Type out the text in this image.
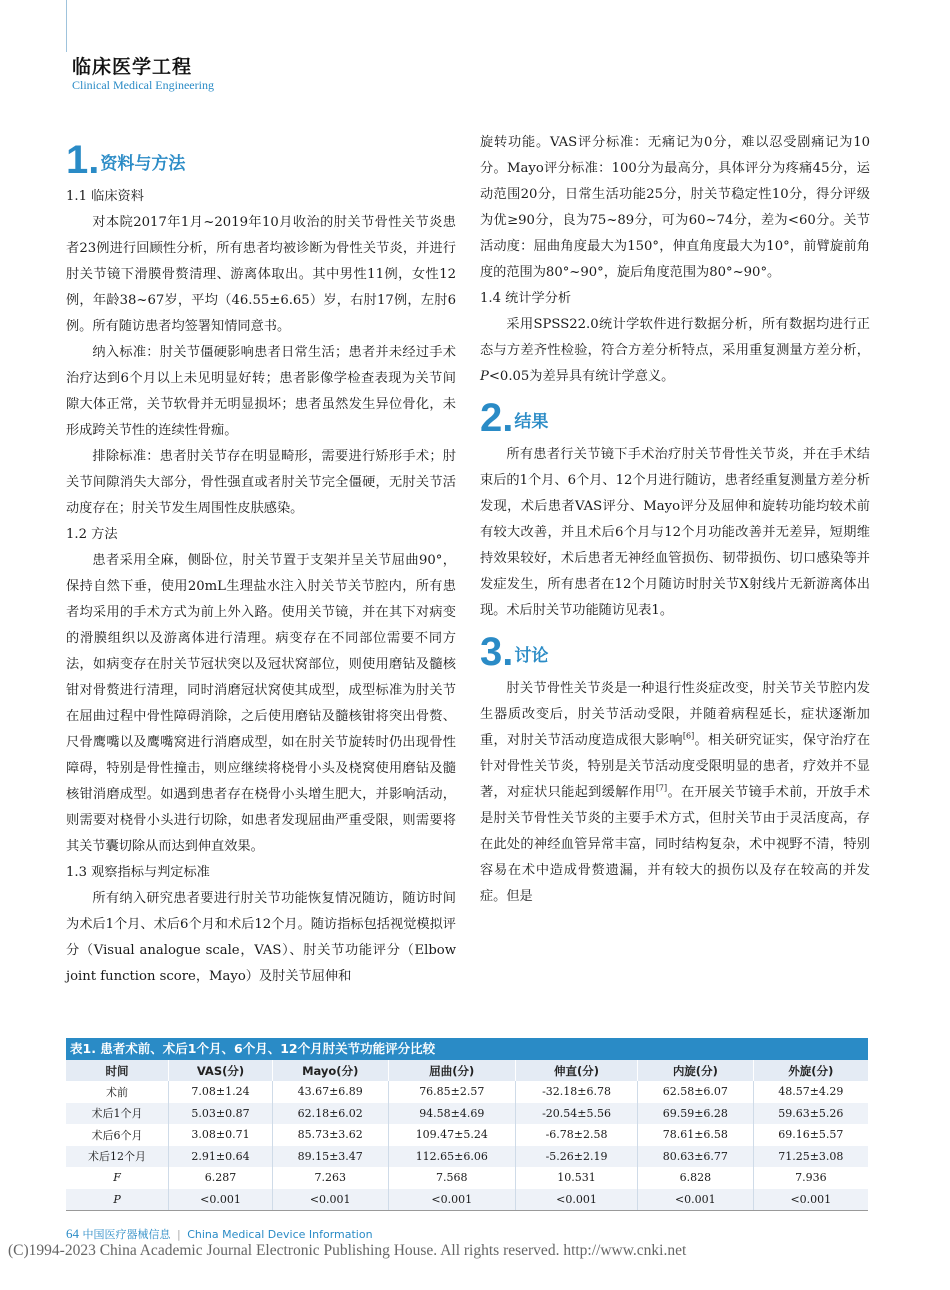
临床医学工程
Clinical Medical Engineering
1. 资料与方法
1.1 临床资料

对本院2017年1月~2019年10月收治的肘关节骨性关节炎患者23例进行回顾性分析，所有患者均被诊断为骨性关节炎，并进行肘关节镜下滑膜骨赘清理、游离体取出。其中男性11例，女性12例，年龄38~67岁，平均（46.55±6.65）岁，右肘17例，左肘6例。所有随访患者均签署知情同意书。

纳入标准：肘关节僵硬影响患者日常生活；患者并未经过手术治疗达到6个月以上未见明显好转；患者影像学检查表现为关节间隙大体正常，关节软骨并无明显损坏；患者虽然发生异位骨化，未形成跨关节性的连续性骨痂。

排除标准：患者肘关节存在明显畸形，需要进行矫形手术；肘关节间隙消失大部分，骨性强直或者肘关节完全僵硬，无肘关节活动度存在；肘关节发生周围性皮肤感染。

1.2 方法

患者采用全麻，侧卧位，肘关节置于支架并呈关节屈曲90°，保持自然下垂，使用20mL生理盐水注入肘关节关节腔内，所有患者均采用的手术方式为前上外入路。使用关节镜，并在其下对病变的滑膜组织以及游离体进行清理。病变存在不同部位需要不同方法，如病变存在肘关节冠状突以及冠状窝部位，则使用磨钻及髓核钳对骨赘进行清理，同时消磨冠状窝使其成型，成型标准为肘关节在屈曲过程中骨性障碍消除，之后使用磨钻及髓核钳将突出骨赘、尺骨鹰嘴以及鹰嘴窝进行消磨成型，如在肘关节旋转时仍出现骨性障碍，特别是骨性撞击，则应继续将桡骨小头及桡窝使用磨钻及髓核钳消磨成型。如遇到患者存在桡骨小头增生肥大，并影响活动，则需要对桡骨小头进行切除，如患者发现屈曲严重受限，则需要将其关节囊切除从而达到伸直效果。

1.3 观察指标与判定标准

所有纳入研究患者要进行肘关节功能恢复情况随访，随访时间为术后1个月、术后6个月和术后12个月。随访指标包括视觉模拟评分（Visual analogue scale，VAS）、肘关节功能评分（Elbow joint function score，Mayo）及肘关节屈伸和

旋转功能。VAS评分标准：无痛记为0分，难以忍受剧痛记为10分。Mayo评分标准：100分为最高分，具体评分为疼痛45分，运动范围20分，日常生活功能25分，肘关节稳定性10分，得分评级为优≥90分，良为75~89分，可为60~74分，差为<60分。关节活动度：屈曲角度最大为150°，伸直角度最大为10°，前臂旋前角度的范围为80°~90°，旋后角度范围为80°~90°。

1.4 统计学分析

采用SPSS22.0统计学软件进行数据分析，所有数据均进行正态与方差齐性检验，符合方差分析特点，采用重复测量方差分析，P<0.05为差异具有统计学意义。

2. 结果

所有患者行关节镜下手术治疗肘关节骨性关节炎，并在手术结束后的1个月、6个月、12个月进行随访，患者经重复测量方差分析发现，术后患者VAS评分、Mayo评分及屈伸和旋转功能均较术前有较大改善，并且术后6个月与12个月功能改善并无差异，短期维持效果较好，术后患者无神经血管损伤、韧带损伤、切口感染等并发症发生，所有患者在12个月随访时肘关节X射线片无新游离体出现。术后肘关节功能随访见表1。

3. 讨论

肘关节骨性关节炎是一种退行性炎症改变，肘关节关节腔内发生器质改变后，肘关节活动受限，并随着病程延长，症状逐渐加重，对肘关节活动度造成很大影响[6]。相关研究证实，保守治疗在针对骨性关节炎，特别是关节活动度受限明显的患者，疗效并不显著，对症状只能起到缓解作用[7]。在开展关节镜手术前，开放手术是肘关节骨性关节炎的主要手术方式，但肘关节由于灵活度高，存在此处的神经血管异常丰富，同时结构复杂，术中视野不清，特别容易在术中造成骨赘遗漏，并有较大的损伤以及存在较高的并发症。但是

表1. 患者术前、术后1个月、6个月、12个月肘关节功能评分比较
时间	VAS(分)	Mayo(分)	屈曲(分)	伸直(分)	内旋(分)	外旋(分)
术前	7.08±1.24	43.67±6.89	76.85±2.57	-32.18±6.78	62.58±6.07	48.57±4.29
术后1个月	5.03±0.87	62.18±6.02	94.58±4.69	-20.54±5.56	69.59±6.28	59.63±5.26
术后6个月	3.08±0.71	85.73±3.62	109.47±5.24	-6.78±2.58	78.61±6.58	69.16±5.57
术后12个月	2.91±0.64	89.15±3.47	112.65±6.06	-5.26±2.19	80.63±6.77	71.25±3.08
F	6.287	7.263	7.568	10.531	6.828	7.936
P	<0.001	<0.001	<0.001	<0.001	<0.001	<0.001
64 中国医疗器械信息 | China Medical Device Information
(C)1994-2023 China Academic Journal Electronic Publishing House. All rights reserved. http://www.cnki.net
